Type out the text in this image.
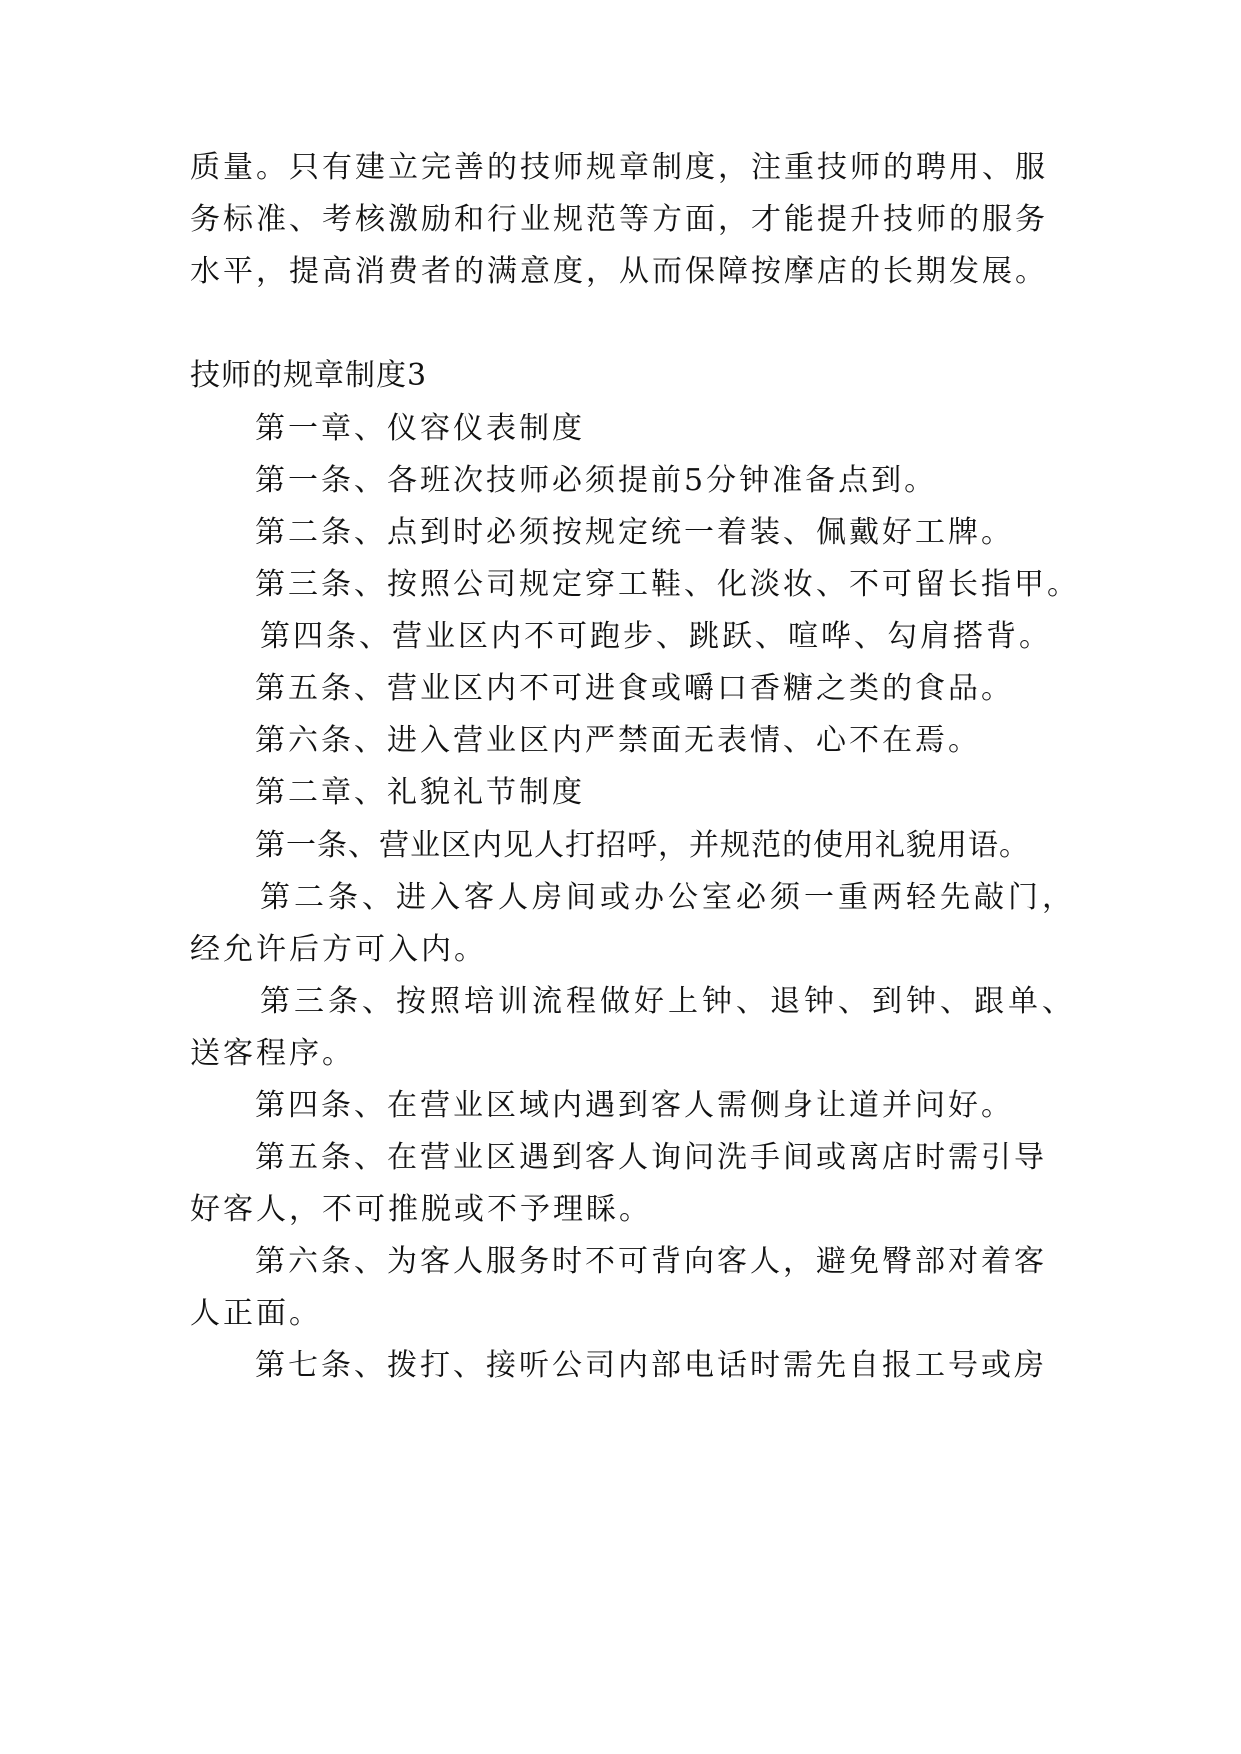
质量。只有建立完善的技师规章制度，注重技师的聘用、服
务标准、考核激励和行业规范等方面，才能提升技师的服务
水平，提高消费者的满意度，从而保障按摩店的长期发展。
技师的规章制度3
第一章、仪容仪表制度
第一条、各班次技师必须提前5分钟准备点到。
第二条、点到时必须按规定统一着装、佩戴好工牌。
第三条、按照公司规定穿工鞋、化淡妆、不可留长指甲。
第四条、营业区内不可跑步、跳跃、喧哗、勾肩搭背。
第五条、营业区内不可进食或嚼口香糖之类的食品。
第六条、进入营业区内严禁面无表情、心不在焉。
第二章、礼貌礼节制度
第一条、营业区内见人打招呼，并规范的使用礼貌用语。
第二条、进入客人房间或办公室必须一重两轻先敲门，
经允许后方可入内。
第三条、按照培训流程做好上钟、退钟、到钟、跟单、
送客程序。
第四条、在营业区域内遇到客人需侧身让道并问好。
第五条、在营业区遇到客人询问洗手间或离店时需引导
好客人，不可推脱或不予理睬。
第六条、为客人服务时不可背向客人，避免臀部对着客
人正面。
第七条、拨打、接听公司内部电话时需先自报工号或房
